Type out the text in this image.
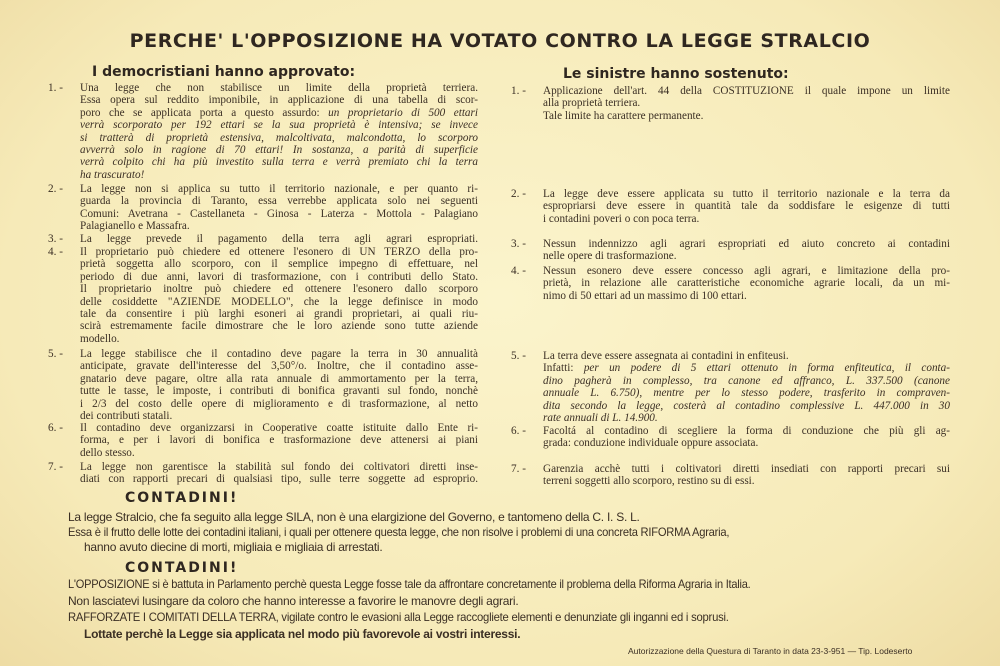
PERCHE' L'OPPOSIZIONE HA VOTATO CONTRO LA LEGGE STRALCIO
I democristiani hanno approvato:	Le sinistre hanno sostenuto:
1. -	Una legge che non stabilisce un limite della proprietà terriera.
Essa opera sul reddito imponibile, in applicazione di una tabella di scor-
poro che se applicata porta a questo assurdo: un proprietario di 500 ettari
verrà scorporato per 192 ettari se la sua proprietà è intensiva; se invece
si tratterà di proprietà estensiva, malcoltivata, malcondotta, lo scorporo
avverrà solo in ragione di 70 ettari! In sostanza, a parità di superficie
verrà colpito chi ha più investito sulla terra e verrà premiato chi la terra
ha trascurato!
2. -	La legge non si applica su tutto il territorio nazionale, e per quanto ri-
guarda la provincia di Taranto, essa verrebbe applicata solo nei seguenti
Comuni: Avetrana - Castellaneta - Ginosa - Laterza - Mottola - Palagiano
Palagianello e Massafra.
3. -	La legge prevede il pagamento della terra agli agrari espropriati.
4. -	Il proprietario può chiedere ed ottenere l'esonero di UN TERZO della pro-
prietà soggetta allo scorporo, con il semplice impegno di effettuare, nel
periodo di due anni, lavori di trasformazione, con i contributi dello Stato.
Il proprietario inoltre può chiedere ed ottenere l'esonero dallo scorporo
delle cosiddette "AZIENDE MODELLO", che la legge definisce in modo
tale da consentire i più larghi esoneri ai grandi proprietari, ai quali riu-
scirà estremamente facile dimostrare che le loro aziende sono tutte aziende
modello.
5. -	La legge stabilisce che il contadino deve pagare la terra in 30 annualità
anticipate, gravate dell'interesse del 3,50°/o. Inoltre, che il contadino asse-
gnatario deve pagare, oltre alla rata annuale di ammortamento per la terra,
tutte le tasse, le imposte, i contributi di bonifica gravanti sul fondo, nonchè
i 2/3 del costo delle opere di miglioramento e di trasformazione, al netto
dei contributi statali.
6. -	Il contadino deve organizzarsi in Cooperative coatte istituite dallo Ente ri-
forma, e per i lavori di bonifica e trasformazione deve attenersi ai piani
dello stesso.
7. -	La legge non garentisce la stabilità sul fondo dei coltivatori diretti inse-
diati con rapporti precari di qualsiasi tipo, sulle terre soggette ad esproprio.
1. -	Applicazione dell'art. 44 della COSTITUZIONE il quale impone un limite
alla proprietà terriera.
Tale limite ha carattere permanente.
2. -	La legge deve essere applicata su tutto il territorio nazionale e la terra da
espropriarsi deve essere in quantità tale da soddisfare le esigenze di tutti
i contadini poveri o con poca terra.
3. -	Nessun indennizzo agli agrari espropriati ed aiuto concreto ai contadini
nelle opere di trasformazione.
4. -	Nessun esonero deve essere concesso agli agrari, e limitazione della pro-
prietà, in relazione alle caratteristiche economiche agrarie locali, da un mi-
nimo di 50 ettari ad un massimo di 100 ettari.
5. -	La terra deve essere assegnata ai contadini in enfiteusi.
Infatti: per un podere di 5 ettari ottenuto in forma enfiteutica, il conta-
dino pagherà in complesso, tra canone ed affranco, L. 337.500 (canone
annuale L. 6.750), mentre per lo stesso podere, trasferito in compraven-
dita secondo la legge, costerà al contadino complessive L. 447.000 in 30
rate annuali di L. 14.900.
6. -	Facoltá al contadino di scegliere la forma di conduzione che più gli ag-
grada: conduzione individuale oppure associata.
7. -	Garenzia acchè tutti i coltivatori diretti insediati con rapporti precari sui
terreni soggetti allo scorporo, restino su di essi.
CONTADINI!
La legge Stralcio, che fa seguito alla legge SILA, non è una elargizione del Governo, e tantomeno della C. I. S. L.
Essa è il frutto delle lotte dei contadini italiani, i quali per ottenere questa legge, che non risolve i problemi di una concreta RIFORMA Agraria,
hanno avuto diecine di morti, migliaia e migliaia di arrestati.
CONTADINI!
L'OPPOSIZIONE si è battuta in Parlamento perchè questa Legge fosse tale da affrontare concretamente il problema della Riforma Agraria in Italia.
Non lasciatevi lusingare da coloro che hanno interesse a favorire le manovre degli agrari.
RAFFORZATE I COMITATI DELLA TERRA, vigilate contro le evasioni alla Legge raccogliete elementi e denunziate gli inganni ed i soprusi.
Lottate perchè la Legge sia applicata nel modo più favorevole ai vostri interessi.
Autorizzazione della Questura di Taranto in data 23-3-951 — Tip. Lodeserto
